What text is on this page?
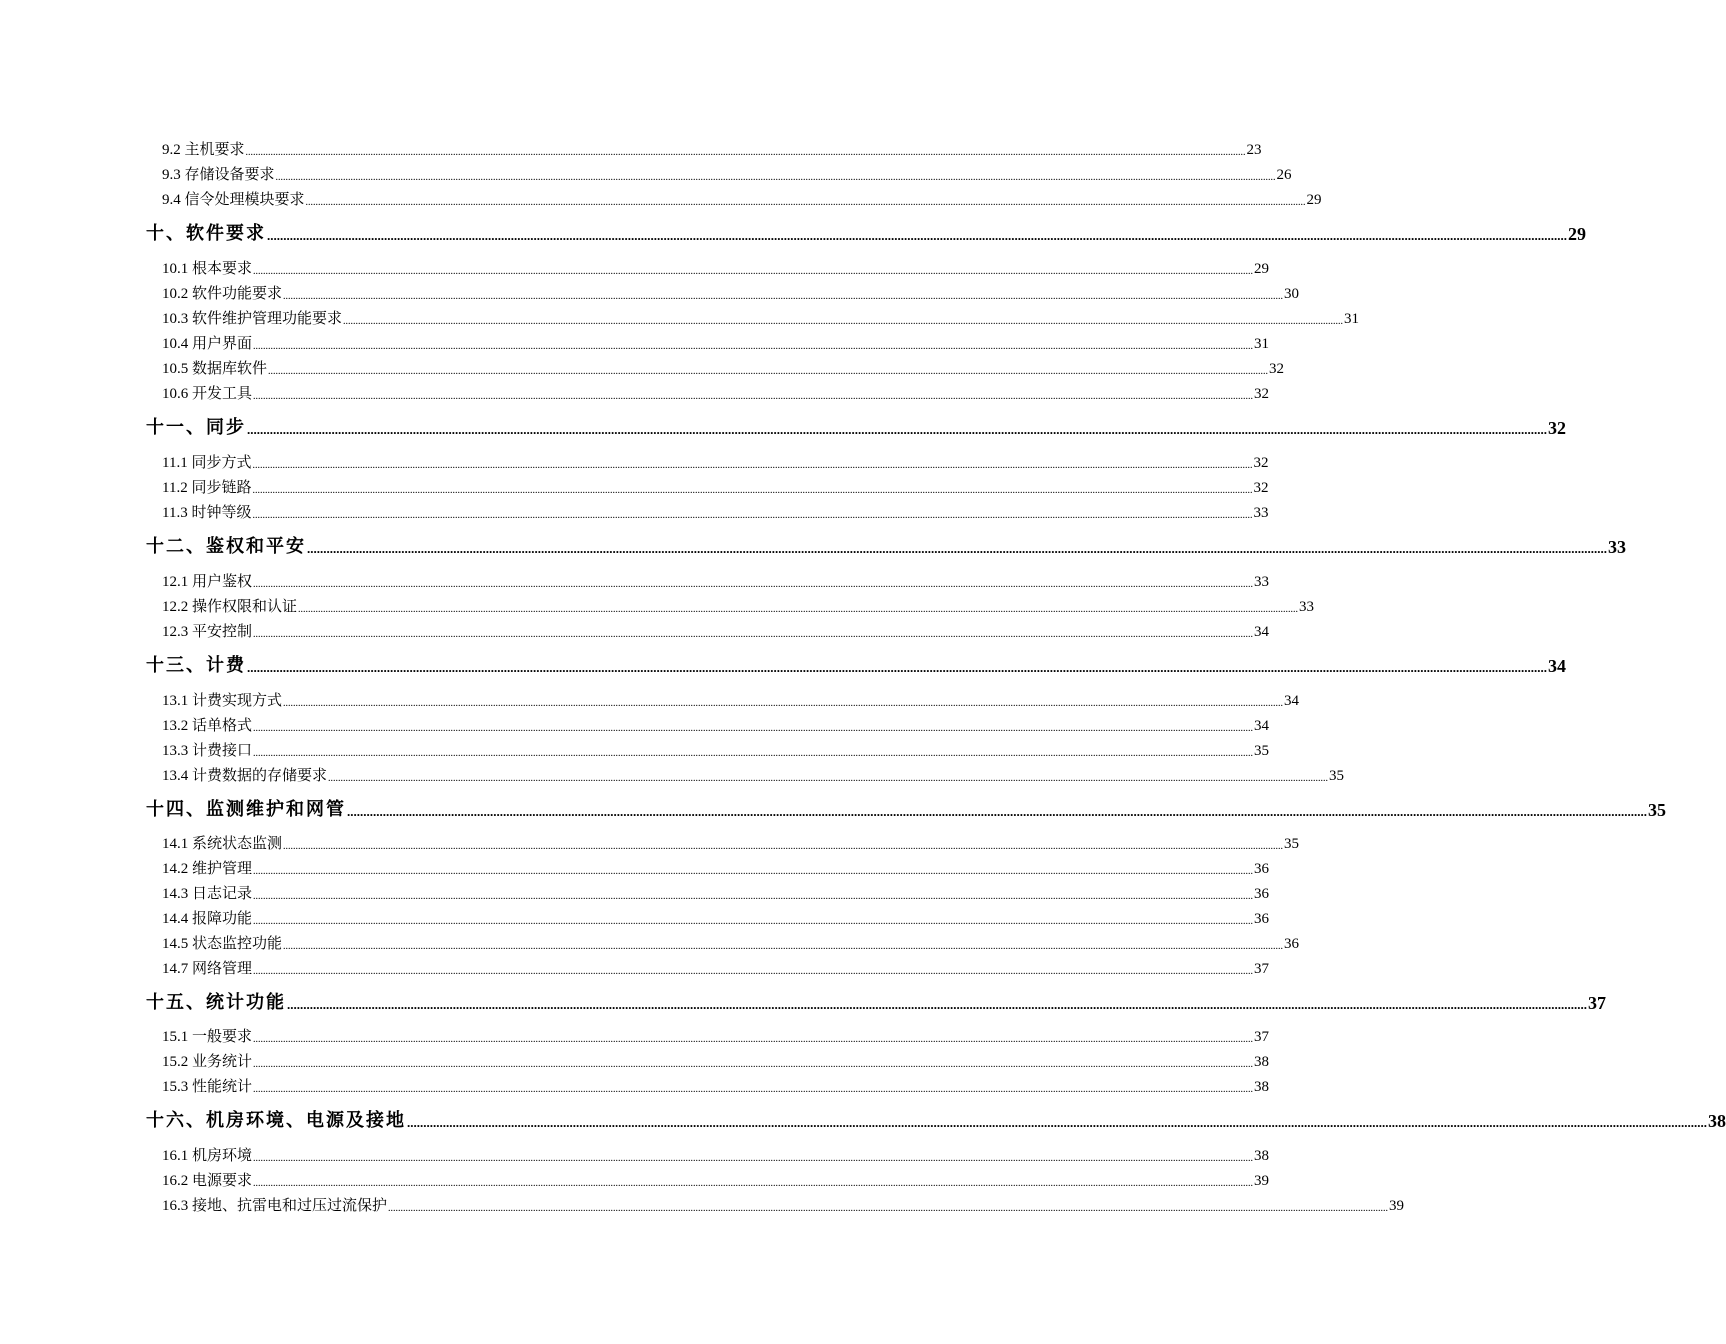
9.2 主机要求 ................................................................................................................................................................................................................................................................................................................................................................................................................ 23
9.3 存储设备要求 ................................................................................................................................................................................................................................................................................................................................................................................................................ 26
9.4 信令处理模块要求 ................................................................................................................................................................................................................................................................................................................................................................................................................ 29
十、软件要求 ................................................................................................................................................................................................................................................................................................................................................................................................................ 29
10.1 根本要求 ................................................................................................................................................................................................................................................................................................................................................................................................................ 29
10.2 软件功能要求 ................................................................................................................................................................................................................................................................................................................................................................................................................ 30
10.3 软件维护管理功能要求 ................................................................................................................................................................................................................................................................................................................................................................................................................ 31
10.4 用户界面 ................................................................................................................................................................................................................................................................................................................................................................................................................ 31
10.5 数据库软件 ................................................................................................................................................................................................................................................................................................................................................................................................................ 32
10.6 开发工具 ................................................................................................................................................................................................................................................................................................................................................................................................................ 32
十一、同步 ................................................................................................................................................................................................................................................................................................................................................................................................................ 32
11.1 同步方式 ................................................................................................................................................................................................................................................................................................................................................................................................................ 32
11.2 同步链路 ................................................................................................................................................................................................................................................................................................................................................................................................................ 32
11.3 时钟等级 ................................................................................................................................................................................................................................................................................................................................................................................................................ 33
十二、鉴权和平安 ................................................................................................................................................................................................................................................................................................................................................................................................................ 33
12.1 用户鉴权 ................................................................................................................................................................................................................................................................................................................................................................................................................ 33
12.2 操作权限和认证 ................................................................................................................................................................................................................................................................................................................................................................................................................ 33
12.3 平安控制 ................................................................................................................................................................................................................................................................................................................................................................................................................ 34
十三、计费 ................................................................................................................................................................................................................................................................................................................................................................................................................ 34
13.1 计费实现方式 ................................................................................................................................................................................................................................................................................................................................................................................................................ 34
13.2 话单格式 ................................................................................................................................................................................................................................................................................................................................................................................................................ 34
13.3 计费接口 ................................................................................................................................................................................................................................................................................................................................................................................................................ 35
13.4 计费数据的存储要求 ................................................................................................................................................................................................................................................................................................................................................................................................................ 35
十四、监测维护和网管 ................................................................................................................................................................................................................................................................................................................................................................................................................ 35
14.1 系统状态监测 ................................................................................................................................................................................................................................................................................................................................................................................................................ 35
14.2 维护管理 ................................................................................................................................................................................................................................................................................................................................................................................................................ 36
14.3 日志记录 ................................................................................................................................................................................................................................................................................................................................................................................................................ 36
14.4 报障功能 ................................................................................................................................................................................................................................................................................................................................................................................................................ 36
14.5 状态监控功能 ................................................................................................................................................................................................................................................................................................................................................................................................................ 36
14.7 网络管理 ................................................................................................................................................................................................................................................................................................................................................................................................................ 37
十五、统计功能 ................................................................................................................................................................................................................................................................................................................................................................................................................ 37
15.1 一般要求 ................................................................................................................................................................................................................................................................................................................................................................................................................ 37
15.2 业务统计 ................................................................................................................................................................................................................................................................................................................................................................................................................ 38
15.3 性能统计 ................................................................................................................................................................................................................................................................................................................................................................................................................ 38
十六、机房环境、电源及接地 ................................................................................................................................................................................................................................................................................................................................................................................................................ 38
16.1 机房环境 ................................................................................................................................................................................................................................................................................................................................................................................................................ 38
16.2 电源要求 ................................................................................................................................................................................................................................................................................................................................................................................................................ 39
16.3 接地、抗雷电和过压过流保护 ................................................................................................................................................................................................................................................................................................................................................................................................................ 39
